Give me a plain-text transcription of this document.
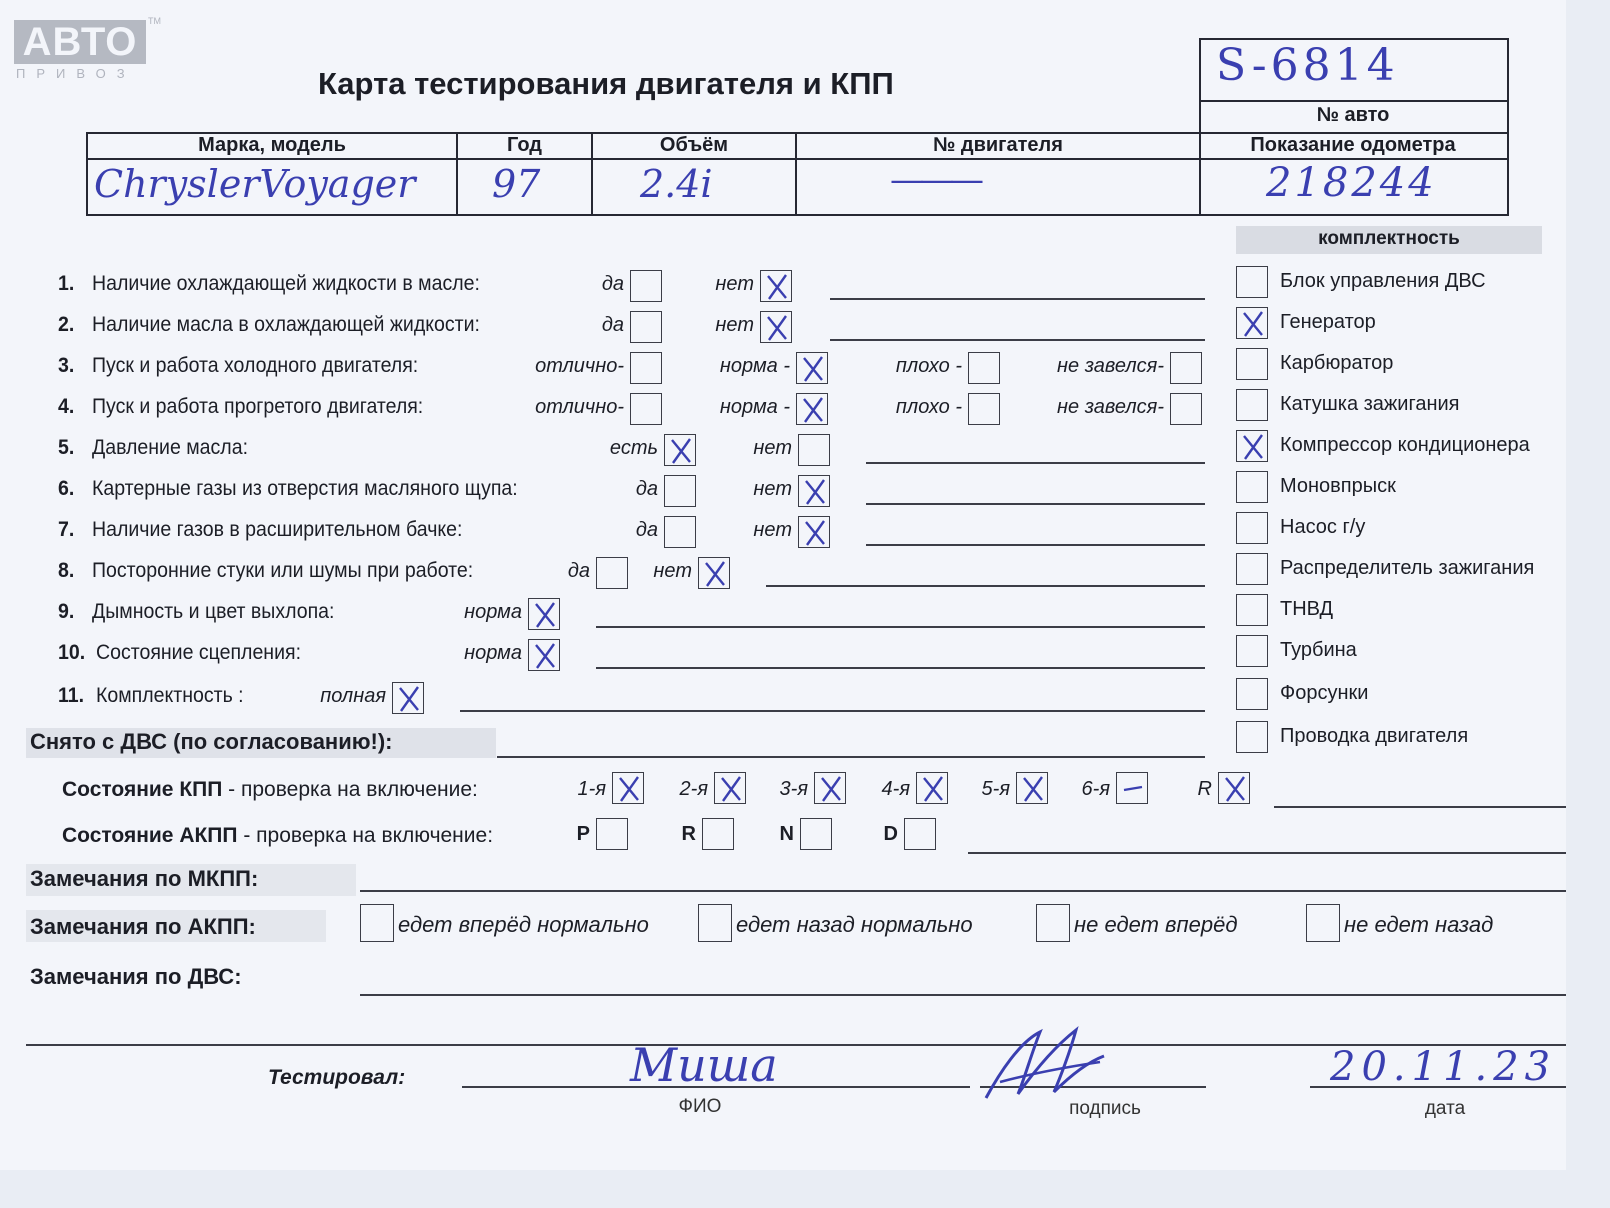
АВТО	TM
ПРИВОЗ	Карта тестирования двигателя и КПП	S-6814
№ авто
Марка, модель	Год	Объём	№ двигателя	Показание одометра
ChryslerVoyager 97	2.4i	———	218244
комплектность
1. Наличие охлаждающей жидкости в масле:	да	нет
2. Наличие масла в охлаждающей жидкости:	да	нет
3. Пуск и работа холодного двигателя:	отлично-	норма -	плохо -	не завелся-
4. Пуск и работа прогретого двигателя:	отлично-	норма -	плохо -	не завелся-
5. Давление масла:	есть	нет
6. Картерные газы из отверстия масляного щупа:	да	нет
7. Наличие газов в расширительном бачке:	да	нет
8. Посторонние стуки или шумы при работе:	да	нет
9. Дымность и цвет выхлопа:	норма
10. Состояние сцепления:	норма
11. Комплектность :	полная
Блок управления ДВС
Генератор
Карбюратор
Катушка зажигания
Компрессор кондиционера
Моновпрыск
Насос г/у
Распределитель зажигания
ТНВД
Турбина
Форсунки
Проводка двигателя
Снято с ДВС (по согласованию!):
Состояние КПП - проверка на включение:	1-я	2-я	3-я	4-я	5-я	6-я	R
Состояние АКПП - проверка на включение:	P	R	N	D
Замечания по МКПП:
Замечания по АКПП:	едет вперёд нормально	едет назад нормально	не едет вперёд	не едет назад
Замечания по ДВС:
Тестировал:	Миша
ФИО	подпись
20.11.23
дата
